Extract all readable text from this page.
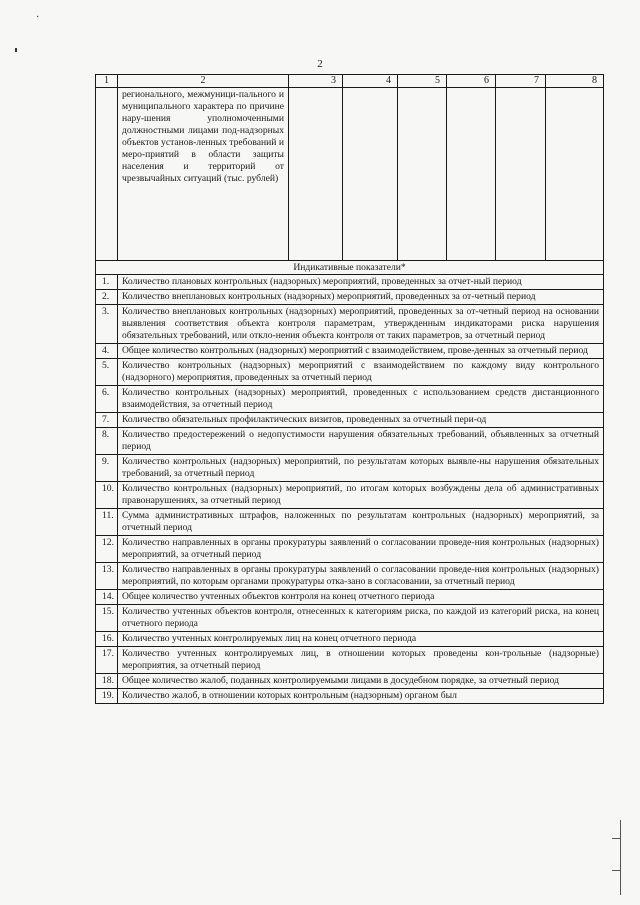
·
2
1	2	3	4	5	6	7	8
	регионального, межмуници-пального и муниципального характера по причине нару-шения уполномоченными должностными лицами под-надзорных объектов установ-ленных требований и меро-приятий в области защиты населения и территорий от чрезвычайных ситуаций (тыс. рублей)						
Индикативные показатели*							
1.	Количество плановых контрольных (надзорных) мероприятий, проведенных за отчет-ный период						
2.	Количество внеплановых контрольных (надзорных) мероприятий, проведенных за от-четный период						
3.	Количество внеплановых контрольных (надзорных) мероприятий, проведенных за от-четный период на основании выявления соответствия объекта контроля параметрам, утвержденным индикаторами риска нарушения обязательных требований, или откло-нения объекта контроля от таких параметров, за отчетный период						
4.	Общее количество контрольных (надзорных) мероприятий с взаимодействием, прове-денных за отчетный период						
5.	Количество контрольных (надзорных) мероприятий с взаимодействием по каждому виду контрольного (надзорного) мероприятия, проведенных за отчетный период						
6.	Количество контрольных (надзорных) мероприятий, проведенных с использованием средств дистанционного взаимодействия, за отчетный период						
7.	Количество обязательных профилактических визитов, проведенных за отчетный пери-од						
8.	Количество предостережений о недопустимости нарушения обязательных требований, объявленных за отчетный период						
9.	Количество контрольных (надзорных) мероприятий, по результатам которых выявле-ны нарушения обязательных требований, за отчетный период						
10.	Количество контрольных (надзорных) мероприятий, по итогам которых возбуждены дела об административных правонарушениях, за отчетный период						
11.	Сумма административных штрафов, наложенных по результатам контрольных (надзорных) мероприятий, за отчетный период						
12.	Количество направленных в органы прокуратуры заявлений о согласовании проведе-ния контрольных (надзорных) мероприятий, за отчетный период						
13.	Количество направленных в органы прокуратуры заявлений о согласовании проведе-ния контрольных (надзорных) мероприятий, по которым органами прокуратуры отка-зано в согласовании, за отчетный период						
14.	Общее количество учтенных объектов контроля на конец отчетного периода						
15.	Количество учтенных объектов контроля, отнесенных к категориям риска, по каждой из категорий риска, на конец отчетного периода						
16.	Количество учтенных контролируемых лиц на конец отчетного периода						
17.	Количество учтенных контролируемых лиц, в отношении которых проведены кон-трольные (надзорные) мероприятия, за отчетный период						
18.	Общее количество жалоб, поданных контролируемыми лицами в досудебном порядке, за отчетный период						
19.	Количество жалоб, в отношении которых контрольным (надзорным) органом был						
